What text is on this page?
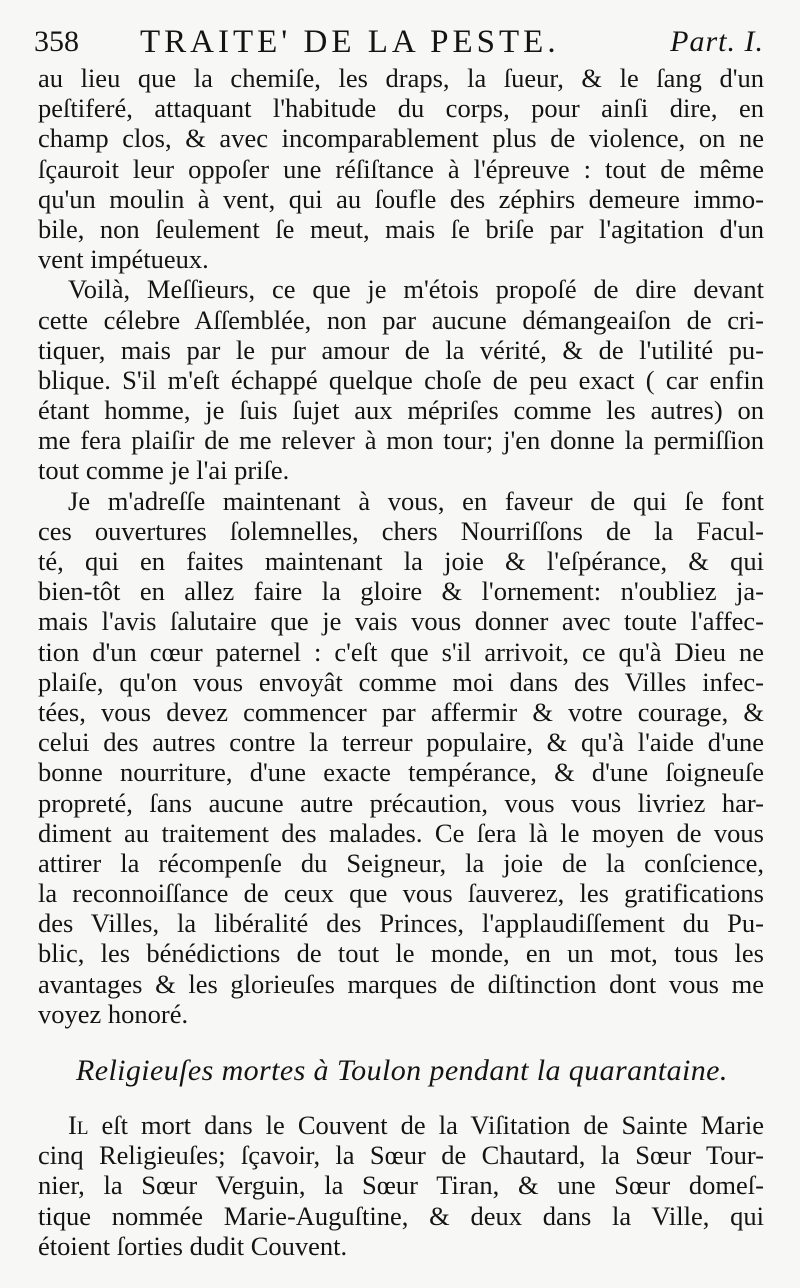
358 TRAITE' DE LA PESTE.	Part. I.

au lieu que la chemiſe, les draps, la ſueur, & le ſang d'un
peſtiferé, attaquant l'habitude du corps, pour ainſi dire, en
champ clos, & avec incomparablement plus de violence, on ne
ſçauroit leur oppoſer une réſiſtance à l'épreuve : tout de même
qu'un moulin à vent, qui au ſoufle des zéphirs demeure immo-
bile, non ſeulement ſe meut, mais ſe briſe par l'agitation d'un
vent impétueux.

Voilà, Meſſieurs, ce que je m'étois propoſé de dire devant
cette célebre Aſſemblée, non par aucune démangeaiſon de cri-
tiquer, mais par le pur amour de la vérité, & de l'utilité pu-
blique. S'il m'eſt échappé quelque choſe de peu exact ( car enfin
étant homme, je ſuis ſujet aux mépriſes comme les autres) on
me fera plaiſir de me relever à mon tour; j'en donne la permiſſion
tout comme je l'ai priſe.

Je m'adreſſe maintenant à vous, en faveur de qui ſe font
ces ouvertures ſolemnelles, chers Nourriſſons de la Facul-
té, qui en faites maintenant la joie & l'eſpérance, & qui
bien-tôt en allez faire la gloire & l'ornement: n'oubliez ja-
mais l'avis ſalutaire que je vais vous donner avec toute l'affec-
tion d'un cœur paternel : c'eſt que s'il arrivoit, ce qu'à Dieu ne
plaiſe, qu'on vous envoyât comme moi dans des Villes infec-
tées, vous devez commencer par affermir & votre courage, &
celui des autres contre la terreur populaire, & qu'à l'aide d'une
bonne nourriture, d'une exacte tempérance, & d'une ſoigneuſe
propreté, ſans aucune autre précaution, vous vous livriez har-
diment au traitement des malades. Ce ſera là le moyen de vous
attirer la récompenſe du Seigneur, la joie de la conſcience,
la reconnoiſſance de ceux que vous ſauverez, les gratifications
des Villes, la libéralité des Princes, l'applaudiſſement du Pu-
blic, les bénédictions de tout le monde, en un mot, tous les
avantages & les glorieuſes marques de diſtinction dont vous me
voyez honoré.

Religieuſes mortes à Toulon pendant la quarantaine.
Il eſt mort dans le Couvent de la Viſitation de Sainte Marie
cinq Religieuſes; ſçavoir, la Sœur de Chautard, la Sœur Tour-
nier, la Sœur Verguin, la Sœur Tiran, & une Sœur domeſ-
tique nommée Marie-Auguſtine, & deux dans la Ville, qui
étoient ſorties dudit Couvent.
